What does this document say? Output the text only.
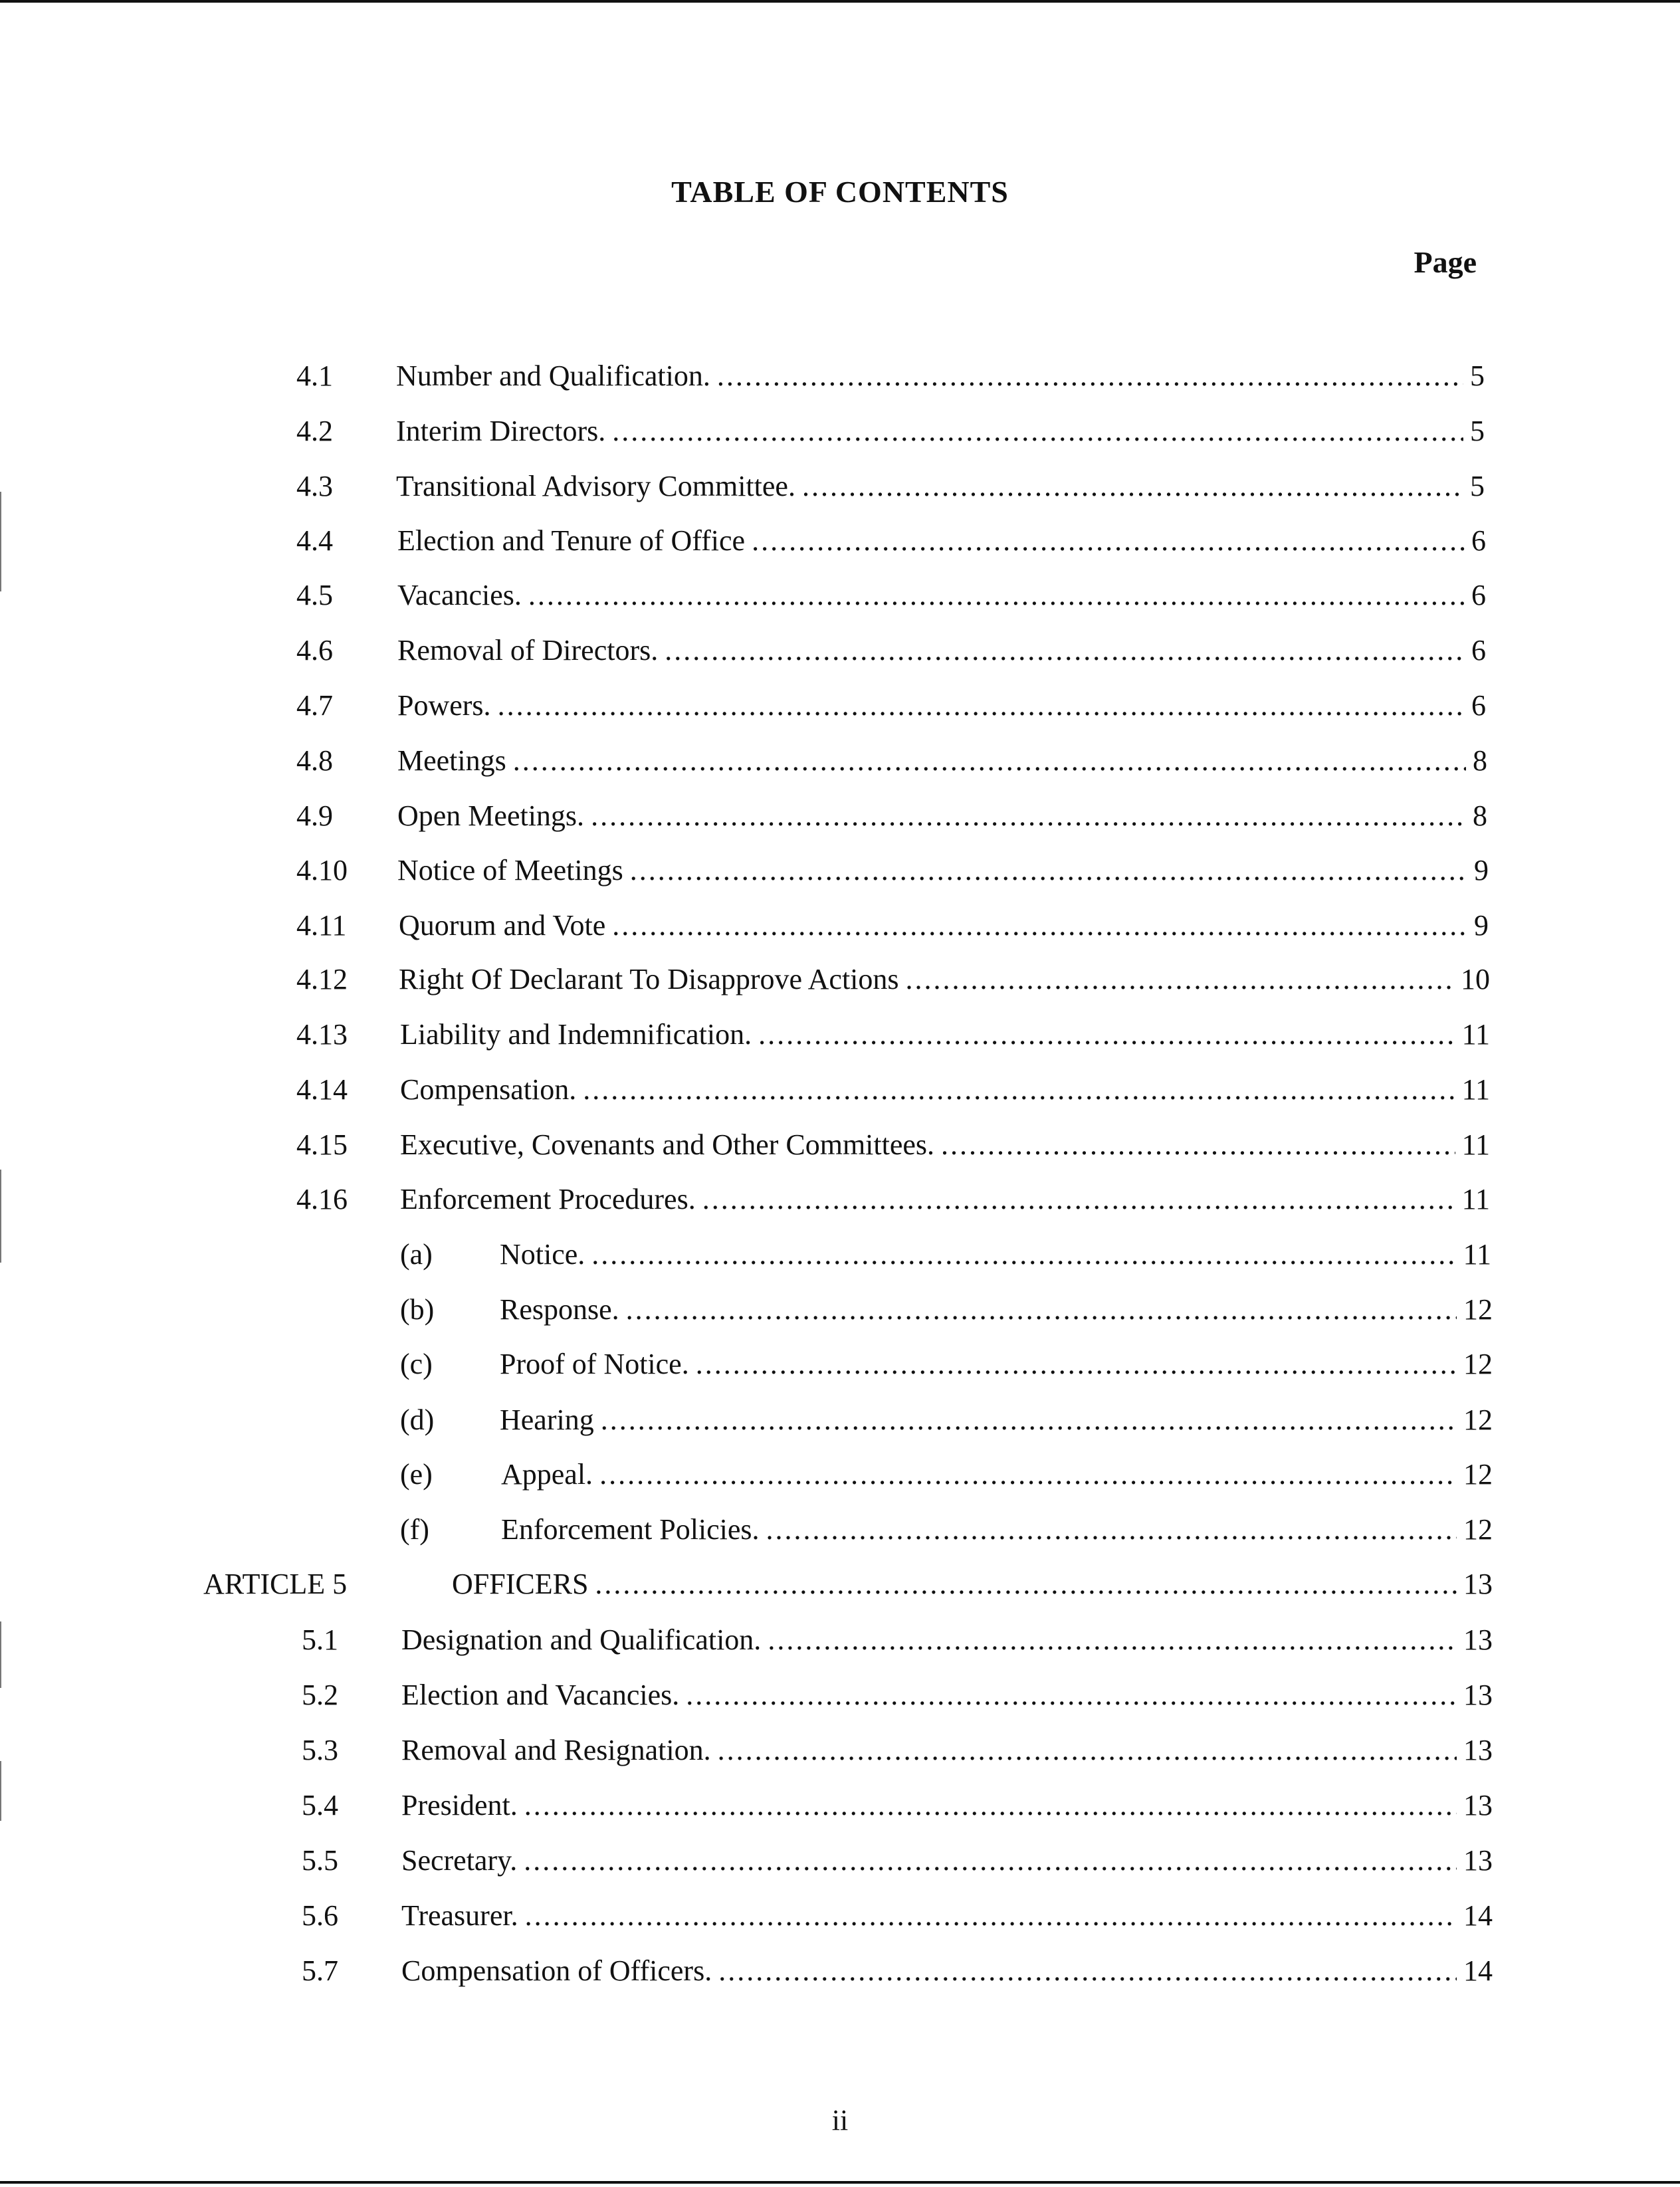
TABLE OF CONTENTS
Page
4.1 Number and Qualification. .....	5
4.2 Interim Directors. .....	5
4.3 Transitional Advisory Committee. .....	5
4.4 Election and Tenure of Office .....	6
4.5 Vacancies. .....	6
4.6 Removal of Directors. .....	6
4.7 Powers. .....	6
4.8 Meetings .....	8
4.9 Open Meetings. .....	8
4.10 Notice of Meetings .....	9
4.11 Quorum and Vote .....	9
4.12 Right Of Declarant To Disapprove Actions .....	10
4.13 Liability and Indemnification. .....	11
4.14 Compensation. .....	11
4.15 Executive, Covenants and Other Committees. .....	11
4.16 Enforcement Procedures. .....	11
(a) Notice. .....	11
(b) Response. .....	12
(c) Proof of Notice. .....	12
(d) Hearing .....	12
(e) Appeal. .....	12
(f) Enforcement Policies. .....	12
ARTICLE 5	OFFICERS .....	13
5.1 Designation and Qualification. .....	13
5.2 Election and Vacancies. .....	13
5.3 Removal and Resignation. .....	13
5.4 President. .....	13
5.5 Secretary. .....	13
5.6 Treasurer. .....	14
5.7 Compensation of Officers. .....	14
ii
